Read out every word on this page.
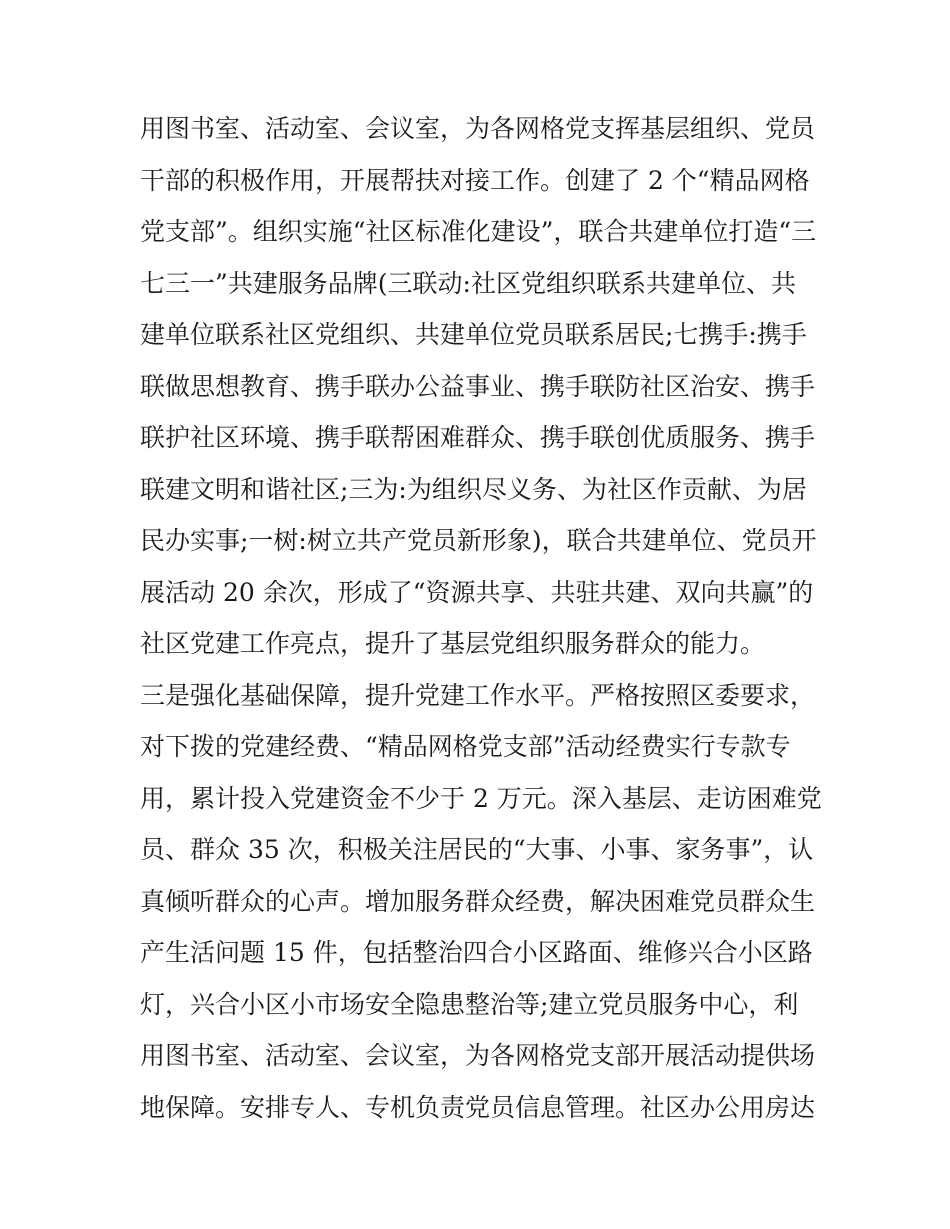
用图书室、活动室、会议室，为各网格党支挥基层组织、党员
干部的积极作用，开展帮扶对接工作。创建了 2 个“精品网格
党支部”。组织实施“社区标准化建设”，联合共建单位打造“三
七三一”共建服务品牌(三联动:社区党组织联系共建单位、共
建单位联系社区党组织、共建单位党员联系居民;七携手:携手
联做思想教育、携手联办公益事业、携手联防社区治安、携手
联护社区环境、携手联帮困难群众、携手联创优质服务、携手
联建文明和谐社区;三为:为组织尽义务、为社区作贡献、为居
民办实事;一树:树立共产党员新形象)，联合共建单位、党员开
展活动 20 余次，形成了“资源共享、共驻共建、双向共赢”的
社区党建工作亮点，提升了基层党组织服务群众的能力。
三是强化基础保障，提升党建工作水平。严格按照区委要求，
对下拨的党建经费、“精品网格党支部”活动经费实行专款专
用，累计投入党建资金不少于 2 万元。深入基层、走访困难党
员、群众 35 次，积极关注居民的“大事、小事、家务事”，认
真倾听群众的心声。增加服务群众经费，解决困难党员群众生
产生活问题 15 件，包括整治四合小区路面、维修兴合小区路
灯，兴合小区小市场安全隐患整治等;建立党员服务中心，利
用图书室、活动室、会议室，为各网格党支部开展活动提供场
地保障。安排专人、专机负责党员信息管理。社区办公用房达
